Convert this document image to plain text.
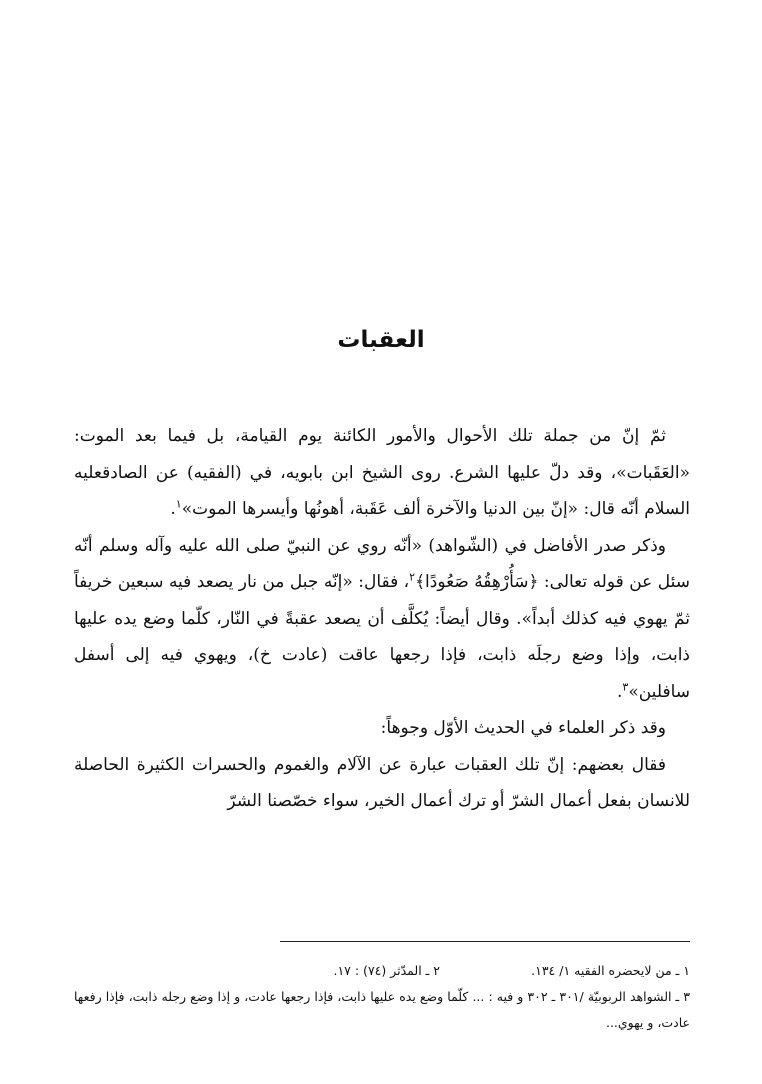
العقبات

ثمّ إنّ من جملة تلك الأحوال والأمور الكائنة يوم القيامة، بل فيما بعد الموت: «العَقَبات»، وقد دلّ عليها الشرع. روى الشيخ ابن بابويه، في (الفقيه) عن الصادقعليه السلام أنّه قال: «إنّ بين الدنيا والآخرة ألف عَقَبة، أهونُها وأيسرها الموت»$^١$.

وذكر صدر الأفاضل في (الشّواهد) «أنّه روي عن النبيّ صلى الله عليه وآله وسلم أنّه سئل عن قوله تعالى: ﴿سَأُرْهِقُهُ صَعُودًا﴾$^٢$، فقال: «إنّه جبل من نار يصعد فيه سبعين خريفاً ثمّ يهوي فيه كذلك أبداً». وقال أيضاً: يُكلَّف أن يصعد عقبةً في النّار، كلّما وضع يده عليها ذابت، وإذا وضع رجلَه ذابت، فإذا رجعها عاقت (عادت خ)، ويهوي فيه إلى أسفل سافلين»$^٣$.

وقد ذكر العلماء في الحديث الأوّل وجوهاً:

فقال بعضهم: إنّ تلك العقبات عبارة عن الآلام والغموم والحسرات الكثيرة الحاصلة للانسان بفعل أعمال الشرّ أو ترك أعمال الخير، سواء خصّصنا الشرّ

١ ـ من لايحضره الفقيه ١/ ١٣٤.
٢ ـ المدّثر (٧٤) : ١٧.
٣ ـ الشواهد الربوبيّة /٣٠١ ـ ٣٠٢ و فيه : ... كلّما وضع يده عليها ذابت، فإذا رجعها عادت، و إذا وضع رجله ذابت، فإذا رفعها عادت، و يهوي...
